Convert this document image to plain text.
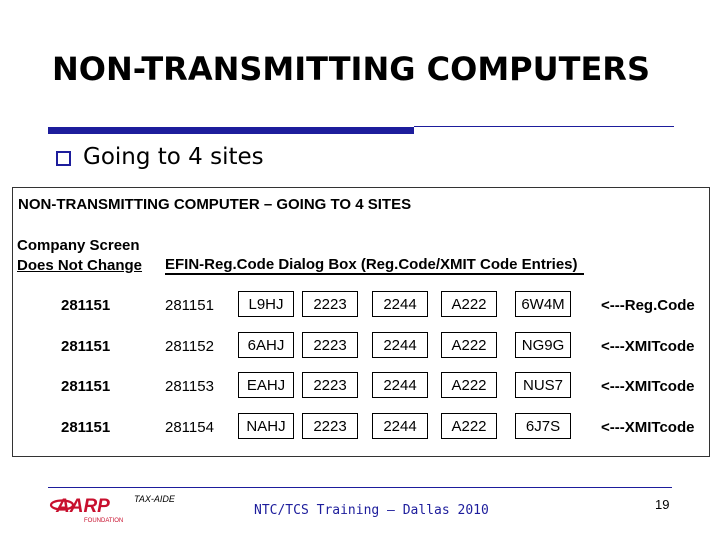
NON-TRANSMITTING COMPUTERS
Going to 4 sites
NON-TRANSMITTING COMPUTER – GOING TO 4 SITES
Company Screen
Does Not Change EFIN-Reg.Code Dialog Box (Reg.Code/XMIT Code Entries)
281151	281151	L9HJ	2223	2244	A222	6W4M	<---Reg.Code
281151	281152	6AHJ	2223	2244	A222	NG9G	<---XMITcode
281151	281153	EAHJ	2223	2244	A222	NUS7	<---XMITcode
281151	281154	NAHJ	2223	2244	A222	6J7S	<---XMITcode
AARP	TAX-AIDE
FOUNDATION
NTC/TCS Training – Dallas 2010	19
